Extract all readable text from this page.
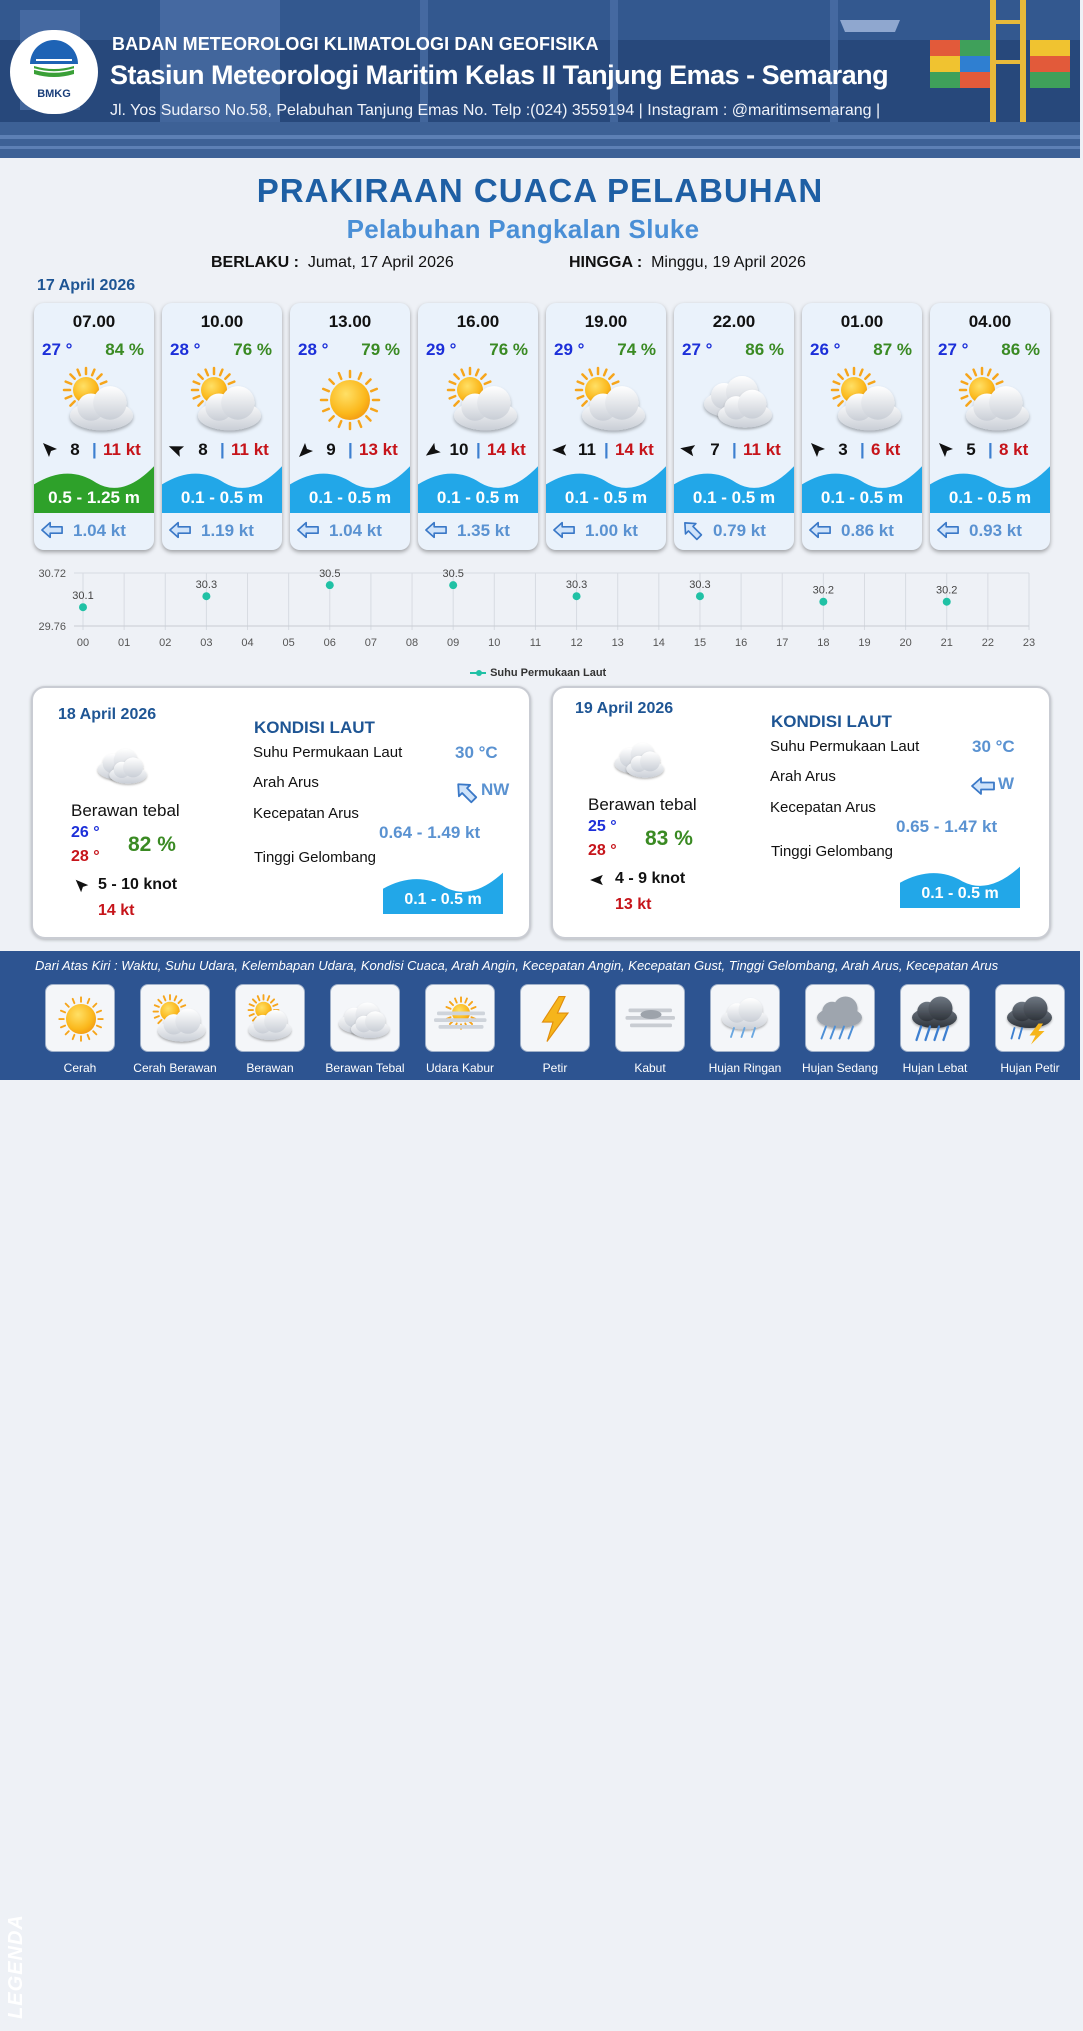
BMKG
BADAN METEOROLOGI KLIMATOLOGI DAN GEOFISIKA
Stasiun Meteorologi Maritim Kelas II Tanjung Emas - Semarang
Jl. Yos Sudarso No.58, Pelabuhan Tanjung Emas No. Telp :(024) 3559194 | Instagram : @maritimsemarang |
PRAKIRAAN CUACA PELABUHAN
Pelabuhan Pangkalan Sluke
BERLAKU : Jumat, 17 April 2026	HINGGA : Minggu, 19 April 2026
17 April 2026
07.00
27 ° 84 %
8 | 11 kt
0.5 - 1.25 m
1.04 kt
10.00
28 ° 76 %
8 | 11 kt
0.1 - 0.5 m
1.19 kt
13.00
28 ° 79 %
9 | 13 kt
0.1 - 0.5 m
1.04 kt
16.00
29 ° 76 %
10 | 14 kt
0.1 - 0.5 m
1.35 kt
19.00
29 ° 74 %
11 | 14 kt
0.1 - 0.5 m
1.00 kt
22.00
27 ° 86 %
7 | 11 kt
0.1 - 0.5 m
0.79 kt
01.00
26 ° 87 %
3 | 6 kt
0.1 - 0.5 m
0.86 kt
04.00
27 ° 86 %
5 | 8 kt
0.1 - 0.5 m
0.93 kt
00	01	02	03	04	05	06	07	08	09	10	11	12	13	14	15	16	17	18	19	20	21	22	23
30.72
29.76
30.1
30.3
30.5	30.5
30.3	30.3	30.2	30.2
Suhu Permukaan Laut
18 April 2026
Berawan tebal
26 °
28 °
82 %
5 - 10 knot
14 kt
KONDISI LAUT
Suhu Permukaan Laut	30 °C
Arah Arus	NW
Kecepatan Arus
0.64 - 1.49 kt
Tinggi Gelombang
0.1 - 0.5 m
19 April 2026
Berawan tebal
25 °
28 °
83 %
4 - 9 knot
13 kt
KONDISI LAUT
Suhu Permukaan Laut	30 °C
Arah Arus	W
Kecepatan Arus
0.65 - 1.47 kt
Tinggi Gelombang
0.1 - 0.5 m
LEGENDA
Dari Atas Kiri : Waktu, Suhu Udara, Kelembapan Udara, Kondisi Cuaca, Arah Angin, Kecepatan Angin, Kecepatan Gust, Tinggi Gelombang, Arah Arus, Kecepatan Arus
Cerah	Cerah Berawan	Berawan	Berawan Tebal	Udara Kabur	Petir	Kabut	Hujan Ringan	Hujan Sedang	Hujan Lebat	Hujan Petir
